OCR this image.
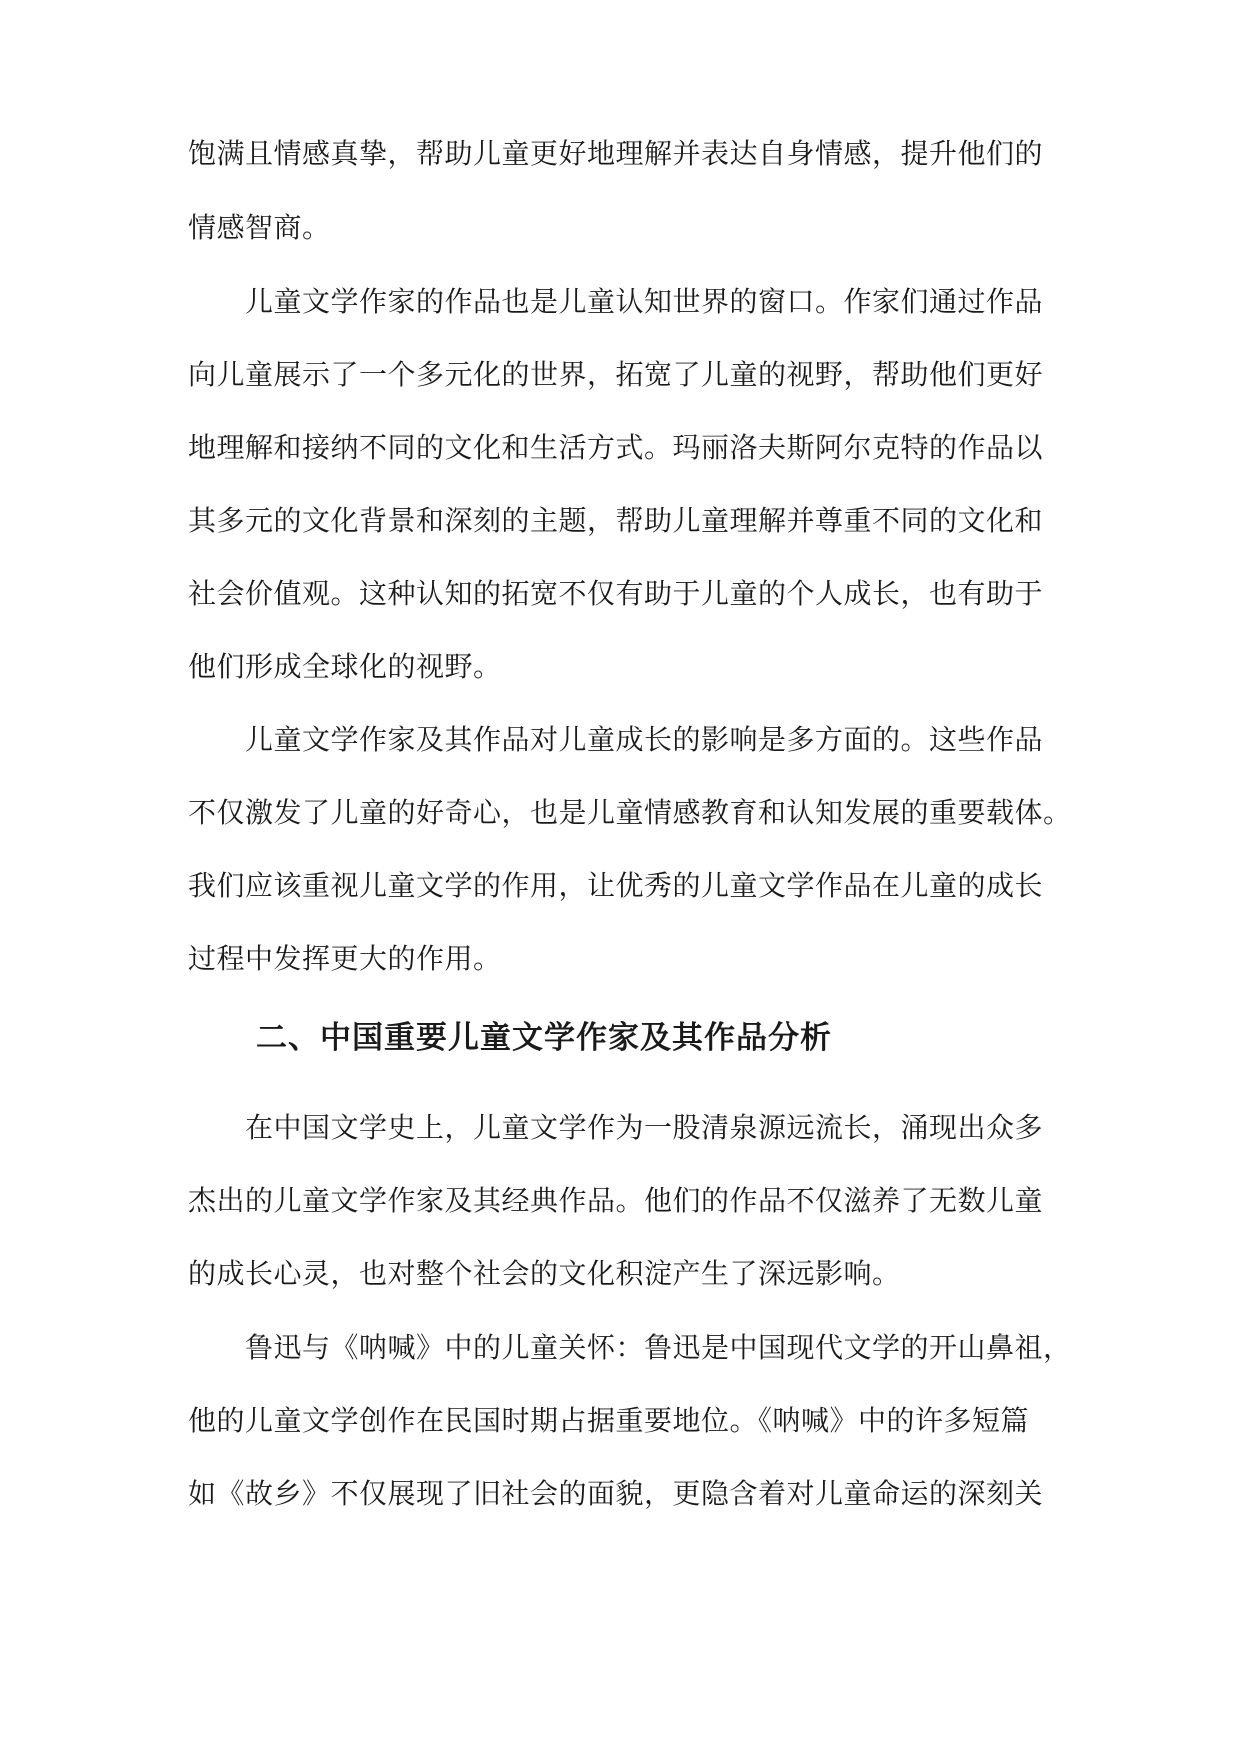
饱满且情感真挚，帮助儿童更好地理解并表达自身情感，提升他们的
情感智商。
　　儿童文学作家的作品也是儿童认知世界的窗口。作家们通过作品
向儿童展示了一个多元化的世界，拓宽了儿童的视野，帮助他们更好
地理解和接纳不同的文化和生活方式。玛丽洛夫斯阿尔克特的作品以
其多元的文化背景和深刻的主题，帮助儿童理解并尊重不同的文化和
社会价值观。这种认知的拓宽不仅有助于儿童的个人成长，也有助于
他们形成全球化的视野。
　　儿童文学作家及其作品对儿童成长的影响是多方面的。这些作品
不仅激发了儿童的好奇心，也是儿童情感教育和认知发展的重要载体。
我们应该重视儿童文学的作用，让优秀的儿童文学作品在儿童的成长
过程中发挥更大的作用。
二、中国重要儿童文学作家及其作品分析
　　在中国文学史上，儿童文学作为一股清泉源远流长，涌现出众多
杰出的儿童文学作家及其经典作品。他们的作品不仅滋养了无数儿童
的成长心灵，也对整个社会的文化积淀产生了深远影响。
　　鲁迅与《呐喊》中的儿童关怀：鲁迅是中国现代文学的开山鼻祖，
他的儿童文学创作在民国时期占据重要地位。《呐喊》中的许多短篇
如《故乡》不仅展现了旧社会的面貌，更隐含着对儿童命运的深刻关
